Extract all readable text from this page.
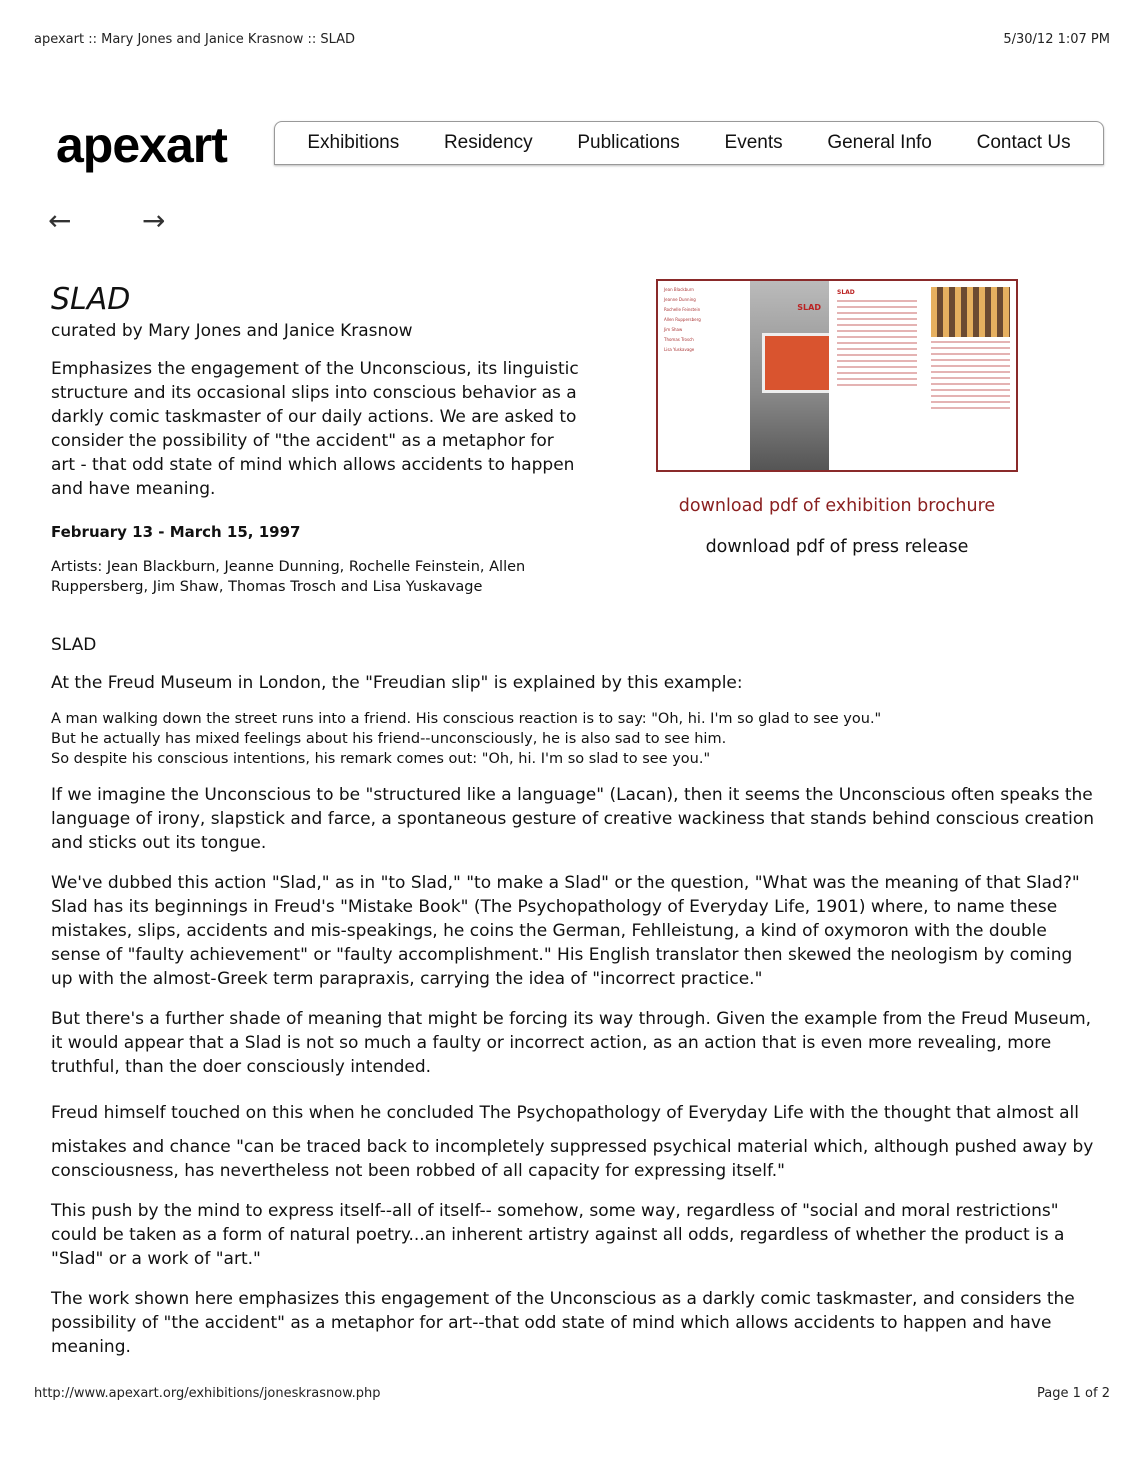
apexart :: Mary Jones and Janice Krasnow :: SLAD	5/30/12 1:07 PM
apexart	Exhibitions Residency Publications Events General Info Contact Us
←	→
SLAD
curated by Mary Jones and Janice Krasnow
Emphasizes the engagement of the Unconscious, its linguistic structure and its occasional slips into conscious behavior as a darkly comic taskmaster of our daily actions. We are asked to consider the possibility of "the accident" as a metaphor for art - that odd state of mind which allows accidents to happen and have meaning.
February 13 - March 15, 1997
Artists: Jean Blackburn, Jeanne Dunning, Rochelle Feinstein, Allen Ruppersberg, Jim Shaw, Thomas Trosch and Lisa Yuskavage
Jean Blackburn

Jeanne Dunning

Rochelle Feinstein

Allen Ruppersberg

Jim Shaw

Thomas Trosch

Lisa Yuskavage
SLAD
SLAD
download pdf of exhibition brochure
download pdf of press release

SLAD

At the Freud Museum in London, the "Freudian slip" is explained by this example:

A man walking down the street runs into a friend. His conscious reaction is to say: "Oh, hi. I'm so glad to see you."
But he actually has mixed feelings about his friend--unconsciously, he is also sad to see him.
So despite his conscious intentions, his remark comes out: "Oh, hi. I'm so slad to see you."

If we imagine the Unconscious to be "structured like a language" (Lacan), then it seems the Unconscious often speaks the language of irony, slapstick and farce, a spontaneous gesture of creative wackiness that stands behind conscious creation and sticks out its tongue.

We've dubbed this action "Slad," as in "to Slad," "to make a Slad" or the question, "What was the meaning of that Slad?" Slad has its beginnings in Freud's "Mistake Book" (The Psychopathology of Everyday Life, 1901) where, to name these mistakes, slips, accidents and mis-speakings, he coins the German, Fehlleistung, a kind of oxymoron with the double sense of "faulty achievement" or "faulty accomplishment." His English translator then skewed the neologism by coming up with the almost-Greek term parapraxis, carrying the idea of "incorrect practice."

But there's a further shade of meaning that might be forcing its way through. Given the example from the Freud Museum, it would appear that a Slad is not so much a faulty or incorrect action, as an action that is even more revealing, more truthful, than the doer consciously intended.

Freud himself touched on this when he concluded The Psychopathology of Everyday Life with the thought that almost all

mistakes and chance "can be traced back to incompletely suppressed psychical material which, although pushed away by consciousness, has nevertheless not been robbed of all capacity for expressing itself."

This push by the mind to express itself--all of itself-- somehow, some way, regardless of "social and moral restrictions" could be taken as a form of natural poetry...an inherent artistry against all odds, regardless of whether the product is a "Slad" or a work of "art."

The work shown here emphasizes this engagement of the Unconscious as a darkly comic taskmaster, and considers the possibility of "the accident" as a metaphor for art--that odd state of mind which allows accidents to happen and have meaning.

http://www.apexart.org/exhibitions/joneskrasnow.php	Page 1 of 2
